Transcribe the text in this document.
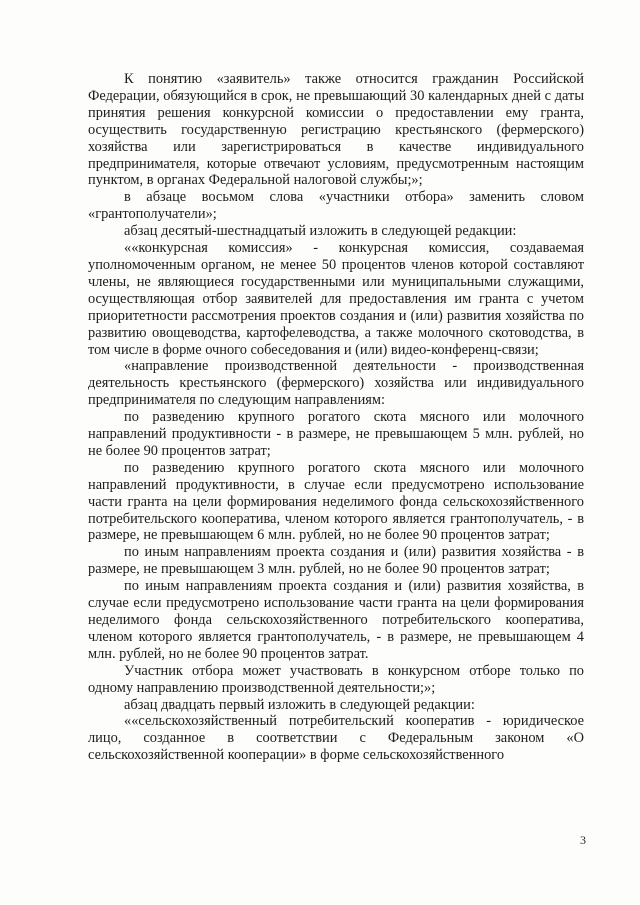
К понятию «заявитель» также относится гражданин Российской Федерации, обязующийся в срок, не превышающий 30 календарных дней с даты принятия решения конкурсной комиссии о предоставлении ему гранта, осуществить государственную регистрацию крестьянского (фермерского) хозяйства или зарегистрироваться в качестве индивидуального предпринимателя, которые отвечают условиям, предусмотренным настоящим пунктом, в органах Федеральной налоговой службы;»;

в абзаце восьмом слова «участники отбора» заменить словом «грантополучатели»;

абзац десятый-шестнадцатый изложить в следующей редакции:

««конкурсная комиссия» - конкурсная комиссия, создаваемая уполномоченным органом, не менее 50 процентов членов которой составляют члены, не являющиеся государственными или муниципальными служащими, осуществляющая отбор заявителей для предоставления им гранта с учетом приоритетности рассмотрения проектов создания и (или) развития хозяйства по развитию овощеводства, картофелеводства, а также молочного скотоводства, в том числе в форме очного собеседования и (или) видео-конференц-связи;

«направление производственной деятельности - производственная деятельность крестьянского (фермерского) хозяйства или индивидуального предпринимателя по следующим направлениям:

по разведению крупного рогатого скота мясного или молочного направлений продуктивности - в размере, не превышающем 5 млн. рублей, но не более 90 процентов затрат;

по разведению крупного рогатого скота мясного или молочного направлений продуктивности, в случае если предусмотрено использование части гранта на цели формирования неделимого фонда сельскохозяйственного потребительского кооператива, членом которого является грантополучатель, - в размере, не превышающем 6 млн. рублей, но не более 90 процентов затрат;

по иным направлениям проекта создания и (или) развития хозяйства - в размере, не превышающем 3 млн. рублей, но не более 90 процентов затрат;

по иным направлениям проекта создания и (или) развития хозяйства, в случае если предусмотрено использование части гранта на цели формирования неделимого фонда сельскохозяйственного потребительского кооператива, членом которого является грантополучатель, - в размере, не превышающем 4 млн. рублей, но не более 90 процентов затрат.

Участник отбора может участвовать в конкурсном отборе только по одному направлению производственной деятельности;»;

абзац двадцать первый изложить в следующей редакции:

««сельскохозяйственный потребительский кооператив - юридическое лицо, созданное в соответствии с Федеральным законом «О сельскохозяйственной кооперации» в форме сельскохозяйственного

3
